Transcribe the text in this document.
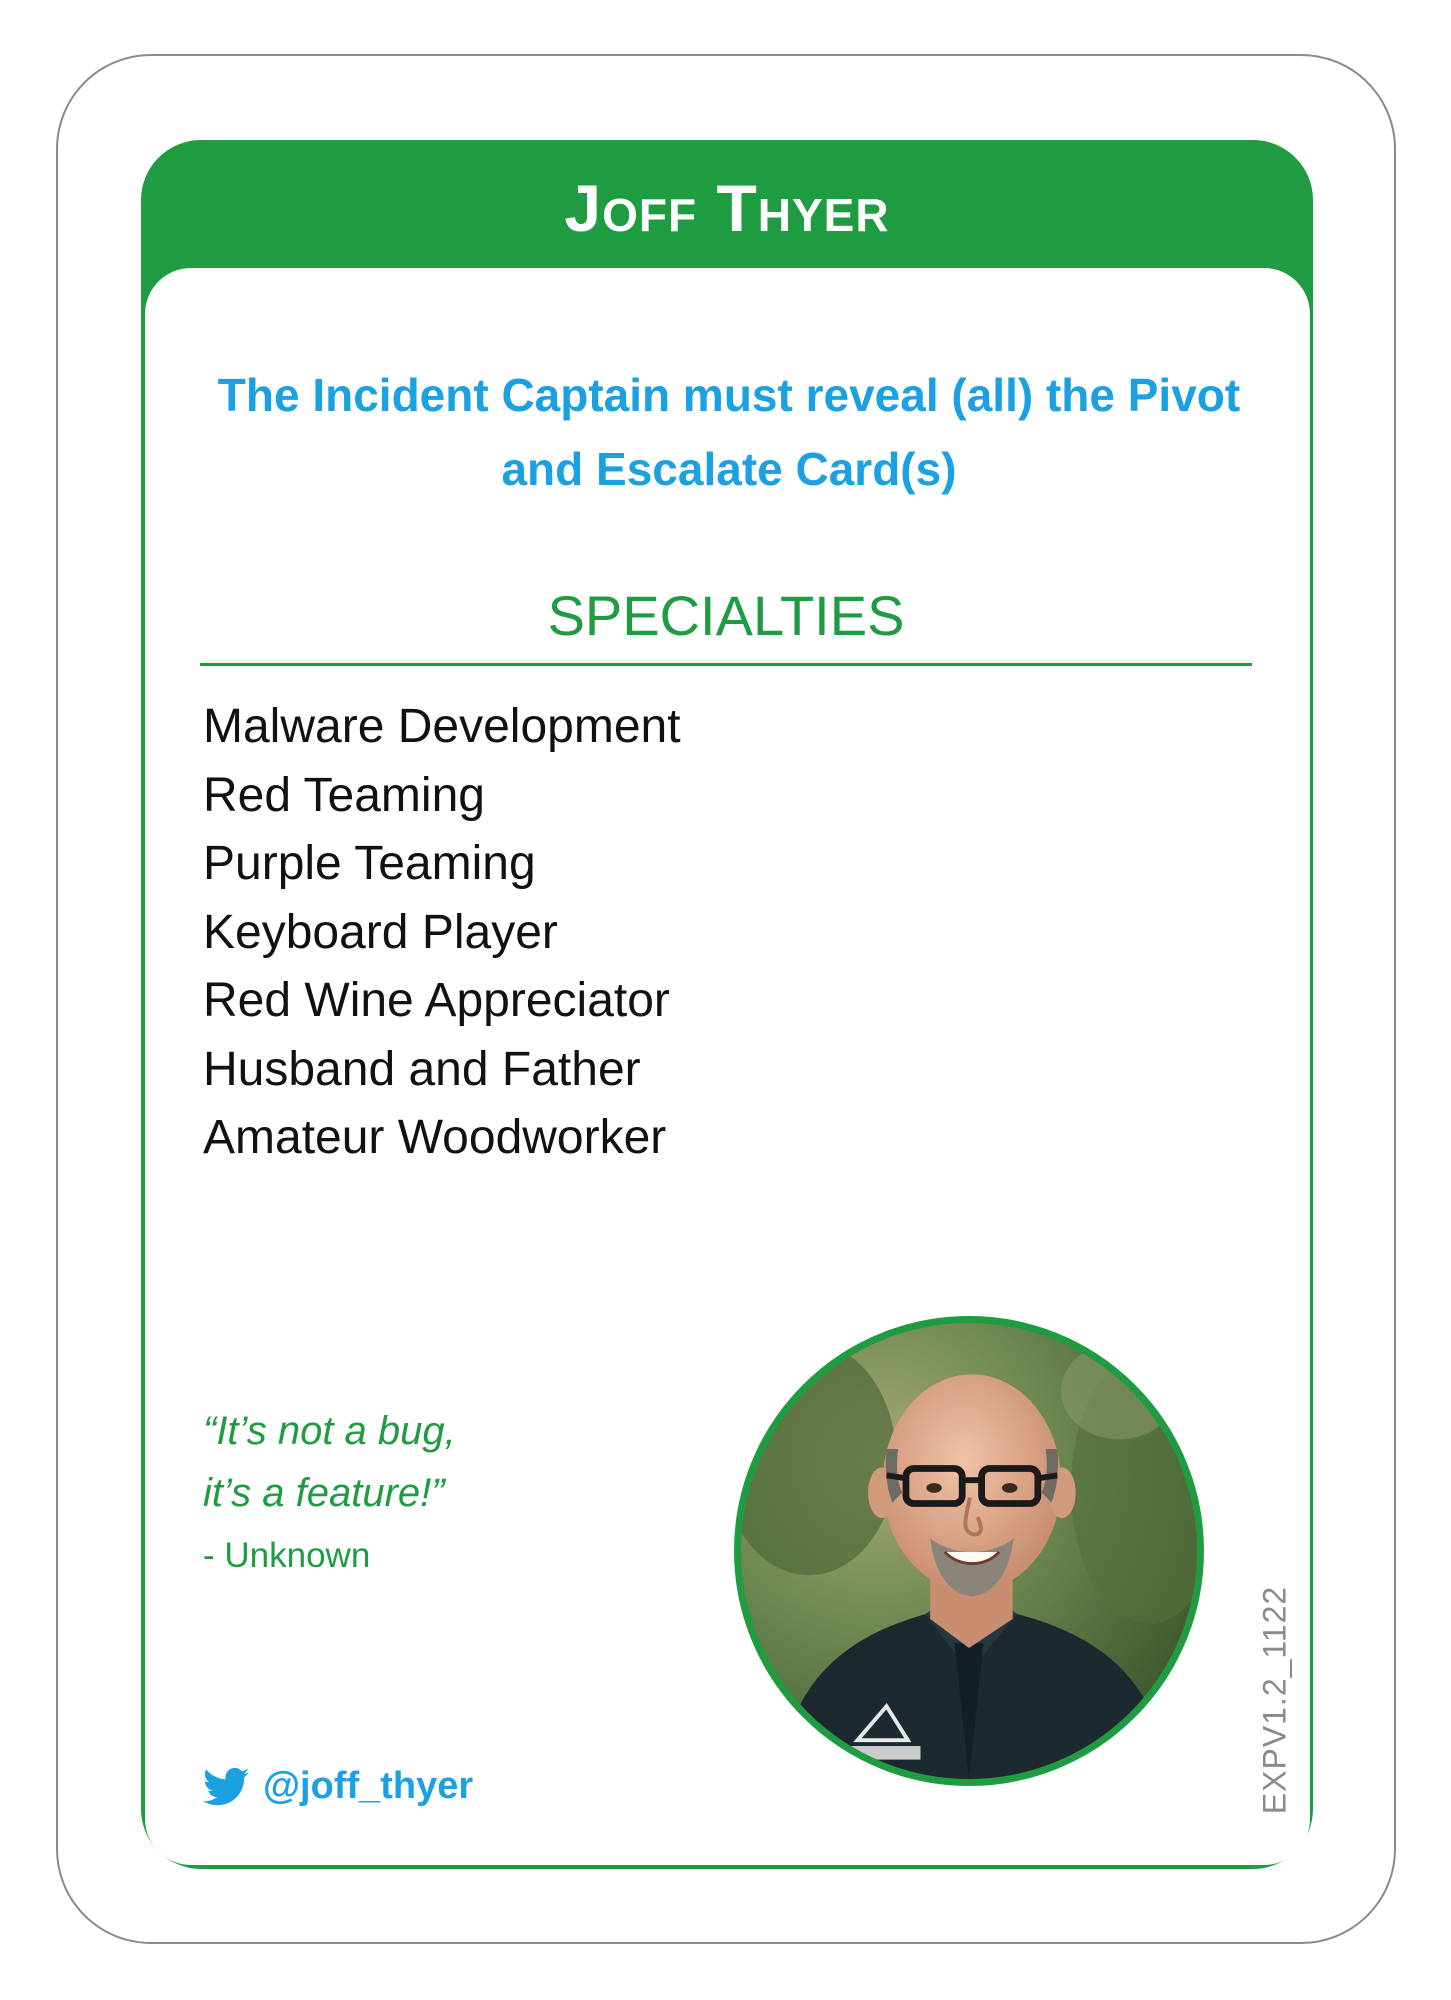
Joff Thyer

The Incident Captain must reveal (all) the Pivot and Escalate Card(s)

SPECIALTIES
Malware Development
Red Teaming
Purple Teaming
Keyboard Player
Red Wine Appreciator
Husband and Father
Amateur Woodworker

“It’s not a bug,
it’s a feature!”

- Unknown
@joff_thyer	EXPV1.2_1122
